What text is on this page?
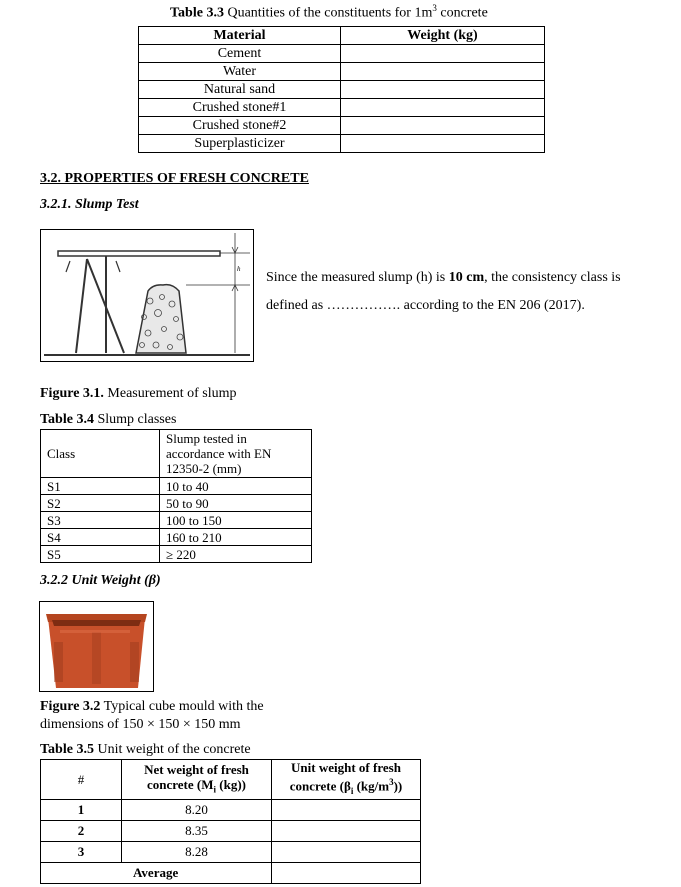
Table 3.3 Quantities of the constituents for $1m^3$ concrete
Material	Weight (kg)
Cement	
Water	
Natural sand	
Crushed stone#1	
Crushed stone#2	
Superplasticizer	
3.2. PROPERTIES OF FRESH CONCRETE
3.2.1. Slump Test
h
Since the measured slump (h) is 10 cm, the consistency class is
defined as ……………. according to the EN 206 (2017).
Figure 3.1. Measurement of slump
Table 3.4 Slump classes
Class	Slump tested in accordance with EN 12350-2 (mm)
S1	10 to 40
S2	50 to 90
S3	100 to 150
S4	160 to 210
S5	≥ 220
3.2.2 Unit Weight (β)
Figure 3.2 Typical cube mould with the dimensions of 150 × 150 × 150 mm
Table 3.5 Unit weight of the concrete
#	Net weight of fresh concrete ($M_i$ (kg))	Unit weight of fresh concrete ($\beta_i$ $(kg/m^3)$)
1	8.20	
2	8.35	
3	8.28	
Average		
